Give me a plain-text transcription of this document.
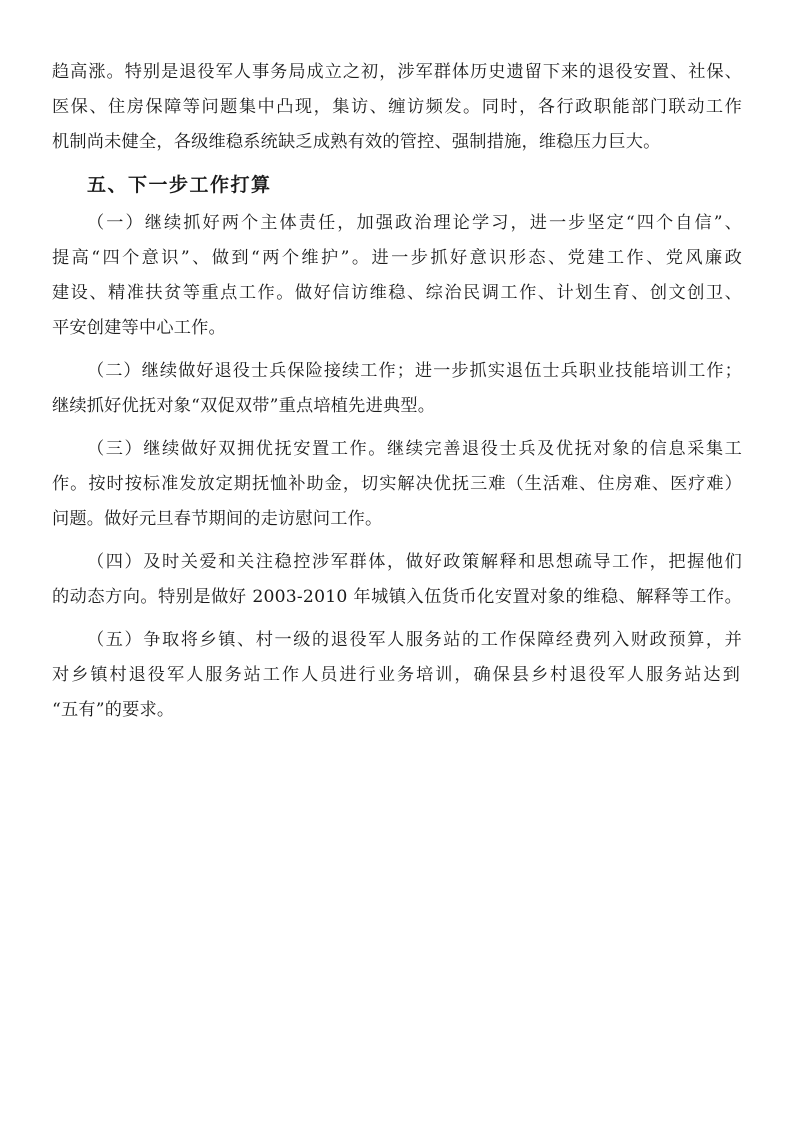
趋高涨。特别是退役军人事务局成立之初，涉军群体历史遗留下来的退役安置、社保、
医保、住房保障等问题集中凸现，集访、缠访频发。同时，各行政职能部门联动工作
机制尚未健全，各级维稳系统缺乏成熟有效的管控、强制措施，维稳压力巨大。
五、下一步工作打算
（一）继续抓好两个主体责任，加强政治理论学习，进一步坚定“四个自信”、
提高“四个意识”、做到“两个维护”。进一步抓好意识形态、党建工作、党风廉政
建设、精准扶贫等重点工作。做好信访维稳、综治民调工作、计划生育、创文创卫、
平安创建等中心工作。
（二）继续做好退役士兵保险接续工作；进一步抓实退伍士兵职业技能培训工作；
继续抓好优抚对象“双促双带”重点培植先进典型。
（三）继续做好双拥优抚安置工作。继续完善退役士兵及优抚对象的信息采集工
作。按时按标准发放定期抚恤补助金，切实解决优抚三难（生活难、住房难、医疗难）
问题。做好元旦春节期间的走访慰问工作。
（四）及时关爱和关注稳控涉军群体，做好政策解释和思想疏导工作，把握他们
的动态方向。特别是做好 2003-2010 年城镇入伍货币化安置对象的维稳、解释等工作。
（五）争取将乡镇、村一级的退役军人服务站的工作保障经费列入财政预算，并
对乡镇村退役军人服务站工作人员进行业务培训，确保县乡村退役军人服务站达到
“五有”的要求。
